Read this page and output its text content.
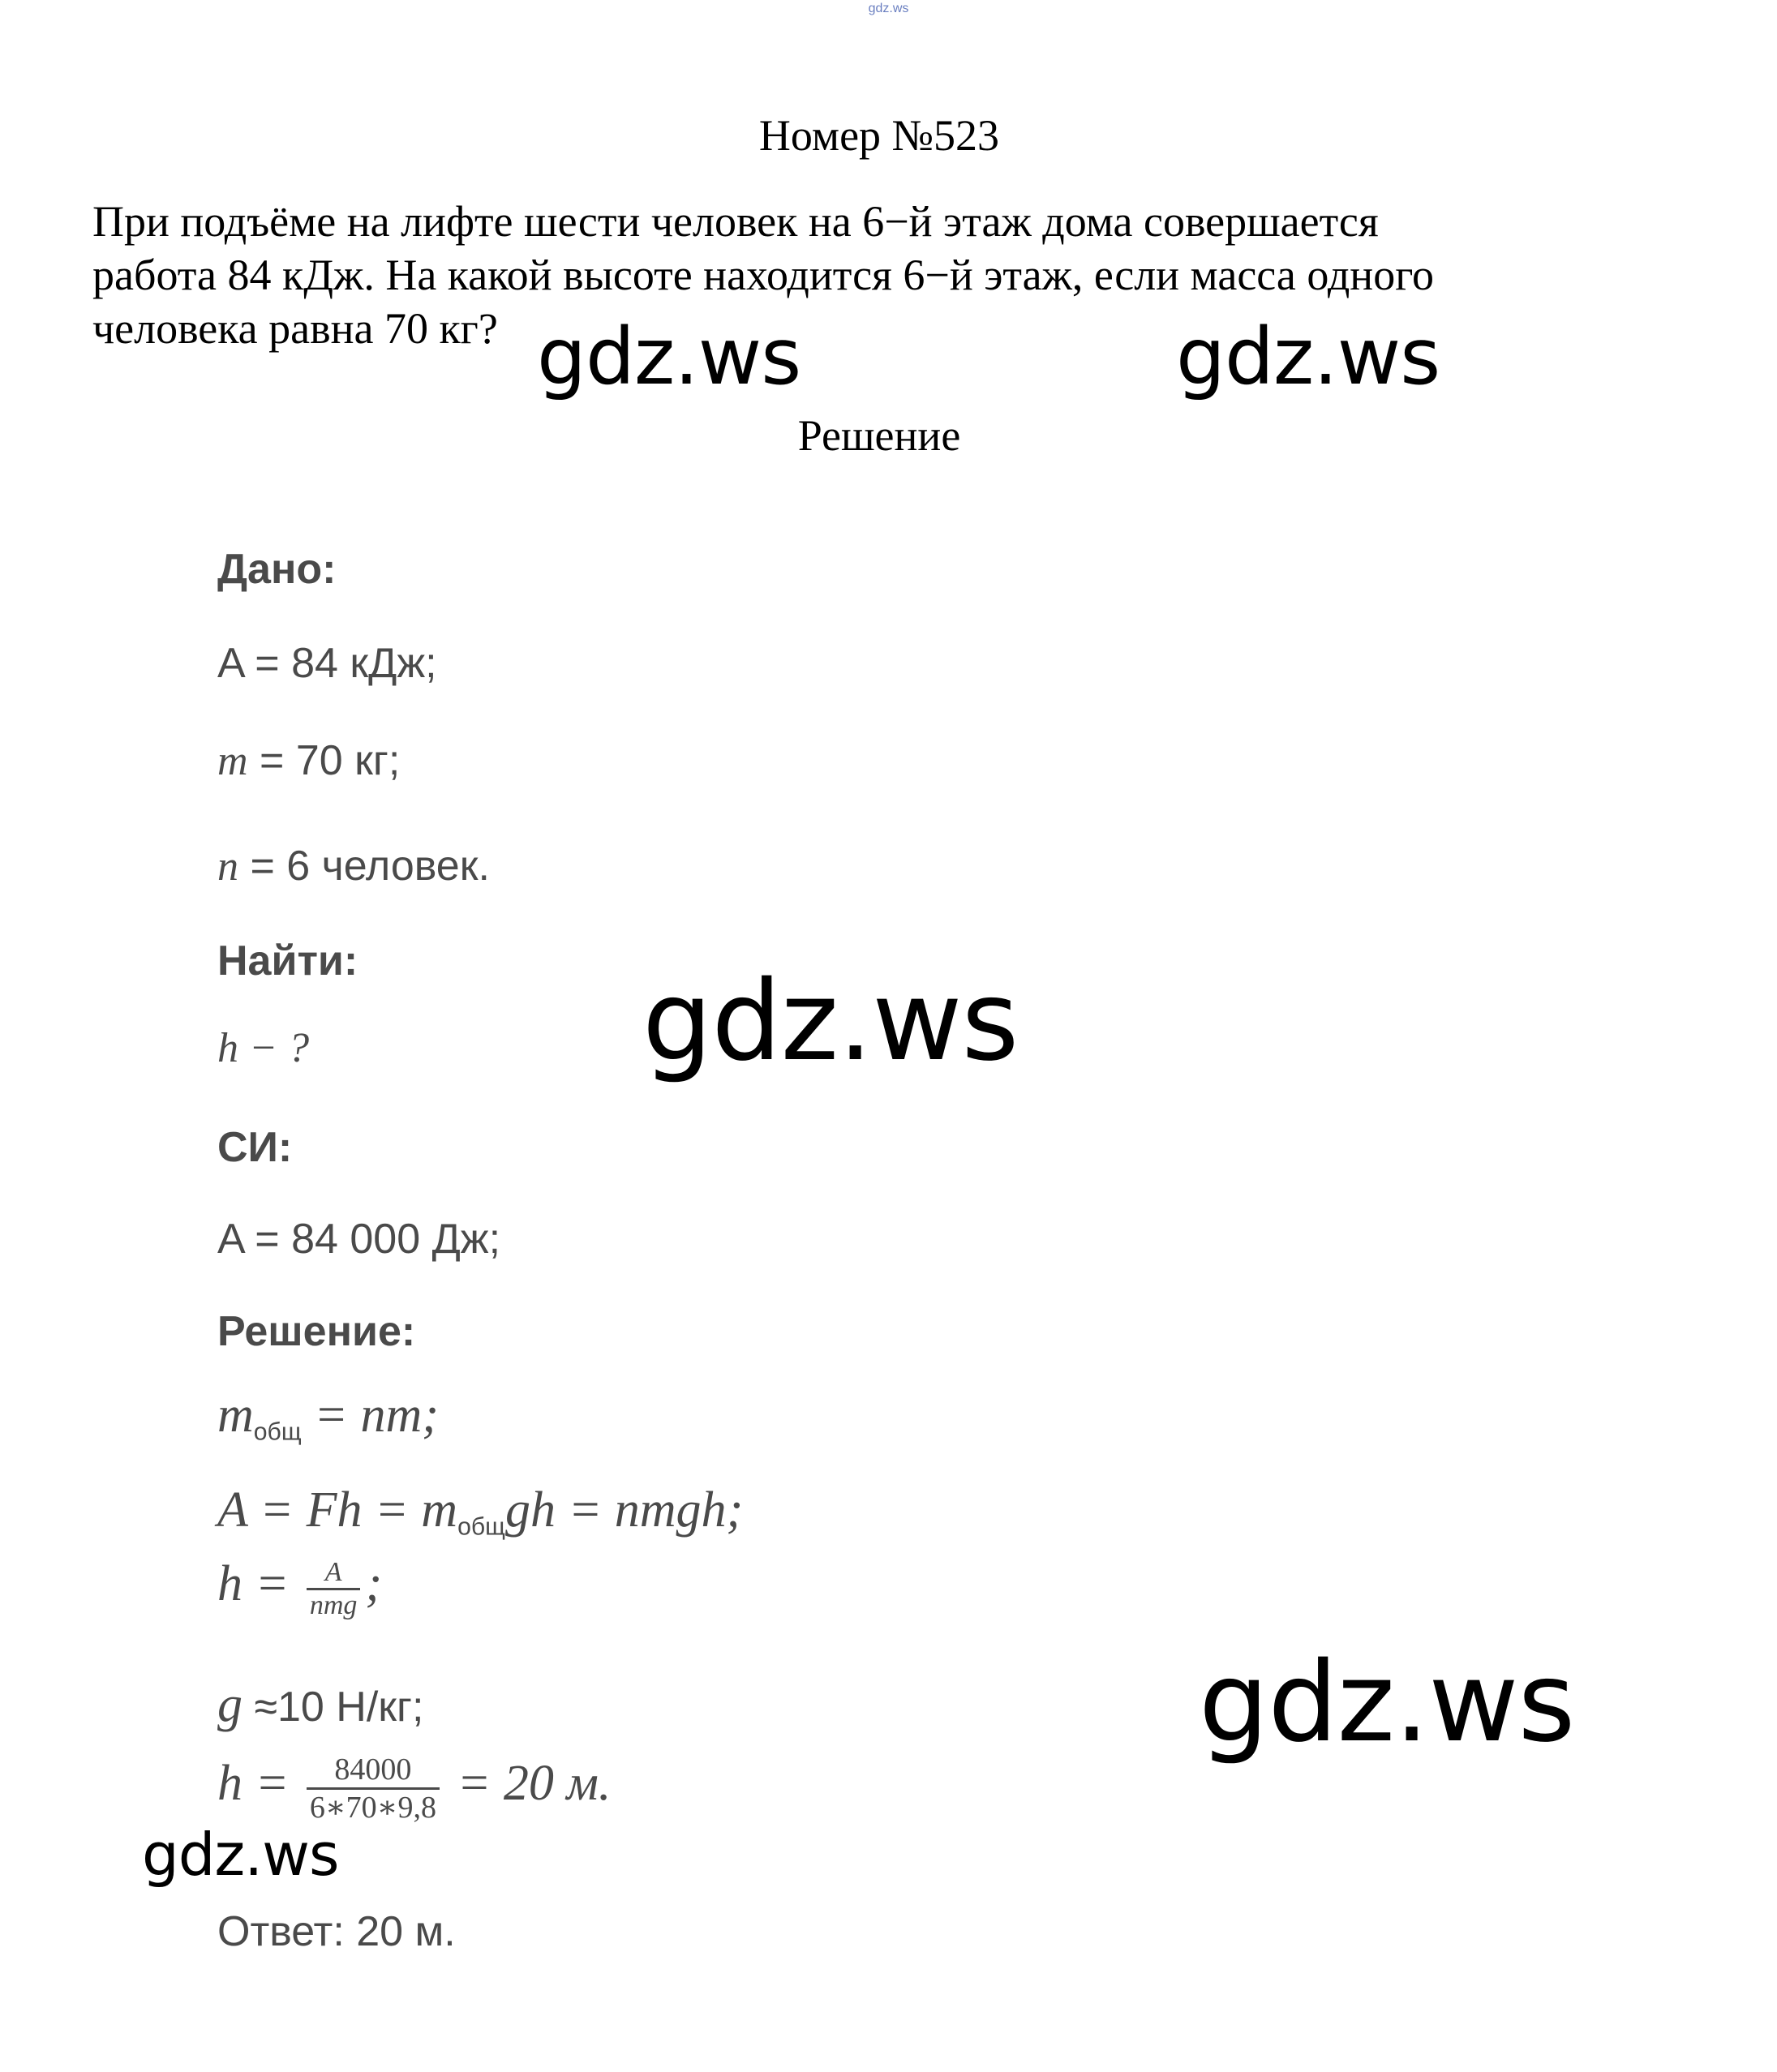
gdz.ws
Номер №523

При подъёме на лифте шести человек на 6−й этаж дома совершается

работа 84 кДж. На какой высоте находится 6−й этаж, если масса одного

человека равна 70 кг?

Решение
Дано:
A = 84 кДж;
m = 70 кг;
n = 6 человек.
Найти:
h − ?
СИ:
A = 84 000 Дж;
Решение:
$m_{общ}$ = nm;
$A = Fh = m_{общ}gh$ = nmgh;
$h = \frac{A}{\text{nmg}}$ ;
g ≈10 Н/кг;
$h = \frac{84000}{6∗70∗9,8} = 20$ м.
Ответ: 20 м.
gdz.ws	gdz.ws
gdz.ws
gdz.ws
gdz.ws
